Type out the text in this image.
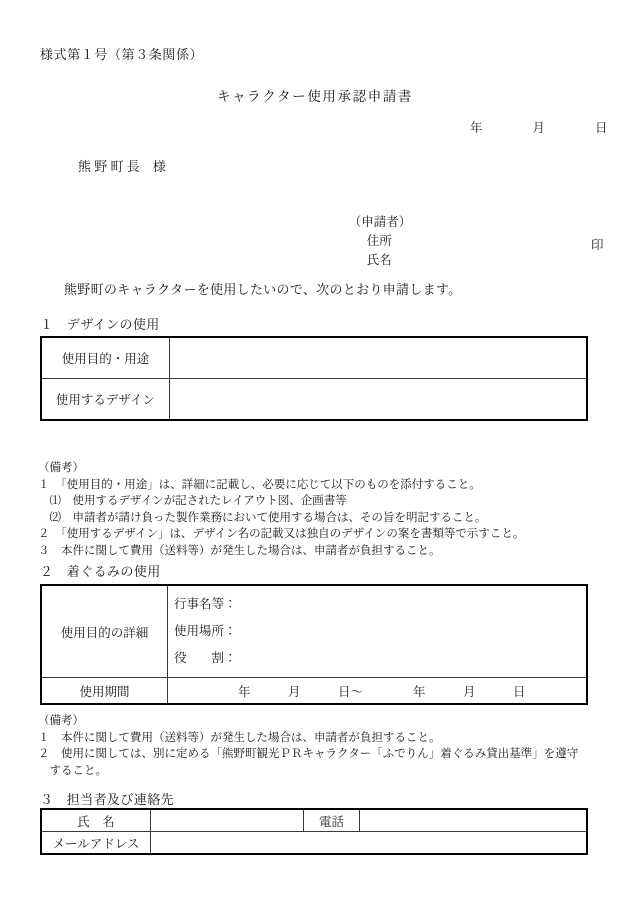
様式第１号（第３条関係）
キャラクター使用承認申請書
年　　　　月　　　　日
熊 野 町 長　様

（申請者）

住所

氏名

印

熊野町のキャラクターを使用したいので、次のとおり申請します。
１　デザインの使用
使用目的・用途	
使用するデザイン	
（備考）
１　「使用目的・用途」は、詳細に記載し、必要に応じて以下のものを添付すること。
　⑴　使用するデザインが記されたレイアウト図、企画書等
　⑵　申請者が請け負った製作業務において使用する場合は、その旨を明記すること。
２　「使用するデザイン」は、デザイン名の記載又は独自のデザインの案を書類等で示すこと。
３　本件に関して費用（送料等）が発生した場合は、申請者が負担すること。
２　着ぐるみの使用
使用目的の詳細	行事名等：
使用場所：
役　　割：

使用期間	年　　　月　　　日〜　　　　年　　　月　　　日
（備考）
１　本件に関して費用（送料等）が発生した場合は、申請者が負担すること。
２　使用に関しては、別に定める「熊野町観光ＰＲキャラクター「ふでりん」着ぐるみ貸出基準」を遵守
　すること。
３　担当者及び連絡先
氏　名		電話	
メールアドレス			
